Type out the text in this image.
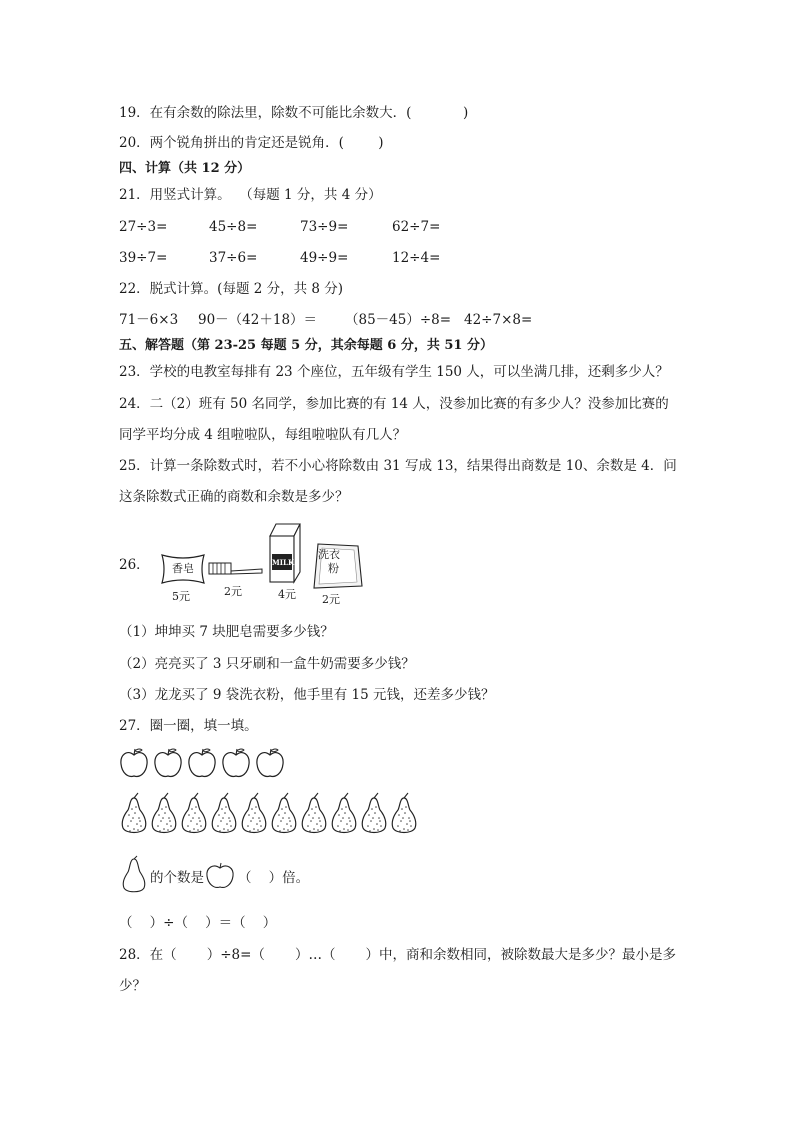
19．在有余数的除法里，除数不可能比余数大．(            )
20．两个锐角拼出的肯定还是锐角．(        )
四、计算（共 12 分）
21．用竖式计算。  （每题 1 分，共 4 分）
27÷3=	45÷8=	73÷9=	62÷7=
39÷7=	37÷6=	49÷9=	12÷4=
22．脱式计算。(每题 2 分，共 8 分)
71－6×3 90－（42＋18）＝ （85－45）÷8= 42÷7×8=
五、解答题（第 23-25 每题 5 分，其余每题 6 分，共 51 分）
23．学校的电教室每排有 23 个座位，五年级有学生 150 人，可以坐满几排，还剩多少人？
24．二（2）班有 50 名同学，参加比赛的有 14 人，没参加比赛的有多少人？没参加比赛的
同学平均分成 4 组啦啦队，每组啦啦队有几人？
25．计算一条除数式时，若不小心将除数由 31 写成 13，结果得出商数是 10、余数是 4．问
这条除数式正确的商数和余数是多少？
26． 香皂
5元	2元
MILK
4元
洗衣
粉
2元
（1）坤坤买 7 块肥皂需要多少钱？
（2）亮亮买了 3 只牙刷和一盒牛奶需要多少钱？
（3）龙龙买了 9 袋洗衣粉，他手里有 15 元钱，还差多少钱？
27．圈一圈，填一填。
的个数是	（    ）倍。
（    ）÷（    ）＝（    ）
28．在（       ）÷8=（       ）…（       ）中，商和余数相同，被除数最大是多少？最小是多
少？
